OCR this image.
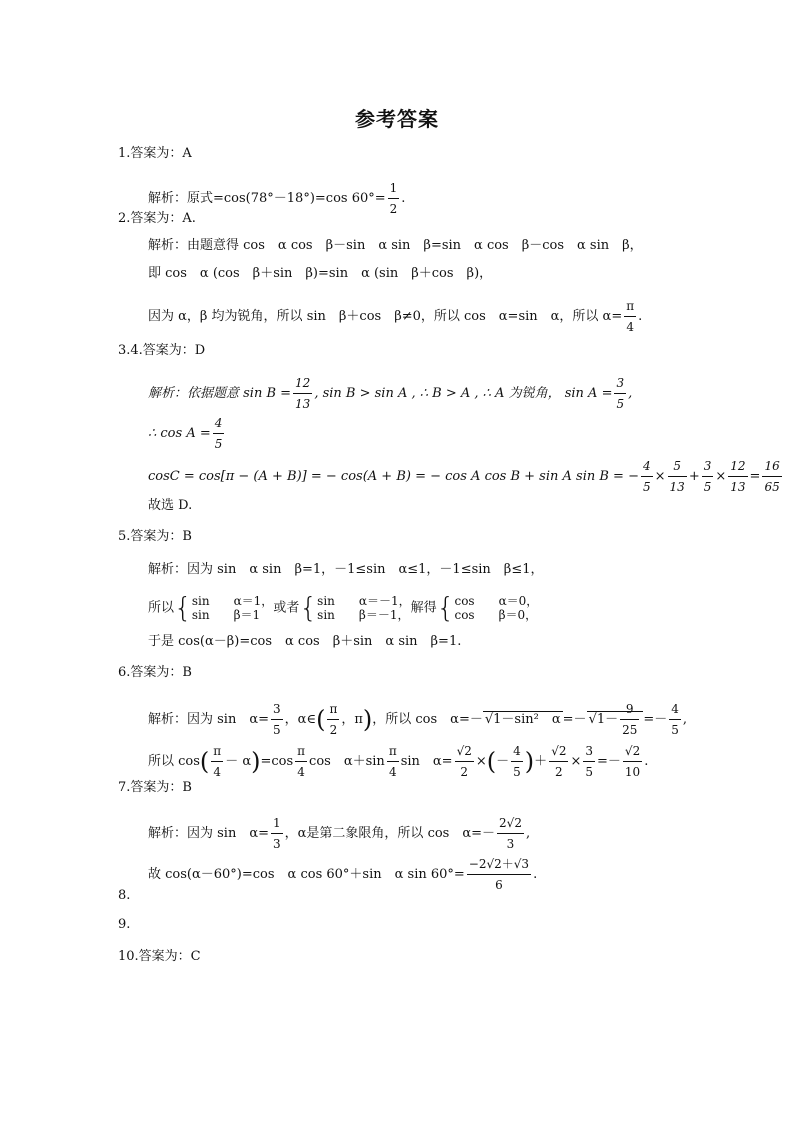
参考答案
1.答案为：A
解析：原式=cos(78°－18°)=cos $60^\circ= \frac{1}{2}$ .
2.答案为：A.
解析：由题意得 cos　α cos　β－sin　α sin　β=sin　α cos　β－cos　α sin　β，
即 cos　α (cos　β＋sin　β)=sin　α (sin　β＋cos　β)，
因为 α，β 均为锐角，所以 sin　β＋cos　β≠0，所以 cos　α=sin　α，所以 $\alpha= \frac{\pi}{4}$ .
3.4.答案为：D
解析：依据题意 $\sin B = \frac{12}{13}$ , sin B > sin A , ∴ B > A , ∴ A 为锐角， $\sin A = \frac{3}{5}$ ,
∴ $\cos A = \frac{4}{5}$
cosC = cos[π − (A + B)] = − cos(A + B) = − cos A cos B + sin A sin B = − $\frac{4}{5} \times \frac{5}{13} + \frac{3}{5} \times \frac{12}{13} = \frac{16}{65}$
故选 D.
5.答案为：B
解析：因为 sin　α sin　β=1，－1≤sin　α≤1，－1≤sin　β≤1，
所以{sin　　α＝1，
sin　　β＝1 或者{sin　　α＝－1，
sin　　β＝－1，解得{cos　　α＝0，
cos　　β＝0，
于是 cos(α－β)=cos　α cos　β＋sin　α sin　β=1.
6.答案为：B
解析：因为 sin　$\alpha= \frac{3}{5}$ ，α∈( $\frac{\pi}{2}$ ，π)，所以 cos　α=－ √ 1－sin²　α =－ √ $1- \frac{9}{25} =- \frac{4}{5}$ ,
所以 $\cos( \frac{\pi}{4} - \alpha)=\cos \frac{\pi}{4}$ cos　$\alpha+\sin \frac{\pi}{4}$ sin　$\alpha= \frac{√2}{2}$ ×(－ $\frac{4}{5}$ )＋ $\frac{√2}{2} \times \frac{3}{5} =- \frac{√2}{10}$ .
7.答案为：B
解析：因为 sin　$\alpha= \frac{1}{3}$ ，α是第二象限角，所以 cos　$\alpha=- \frac{2√2}{3}$ ,
故 cos(α－60°)=cos　α cos 60°＋sin　α $\sin 60^\circ= \frac{-2√2+√3}{6}$ .
8.
9.
10.答案为：C
